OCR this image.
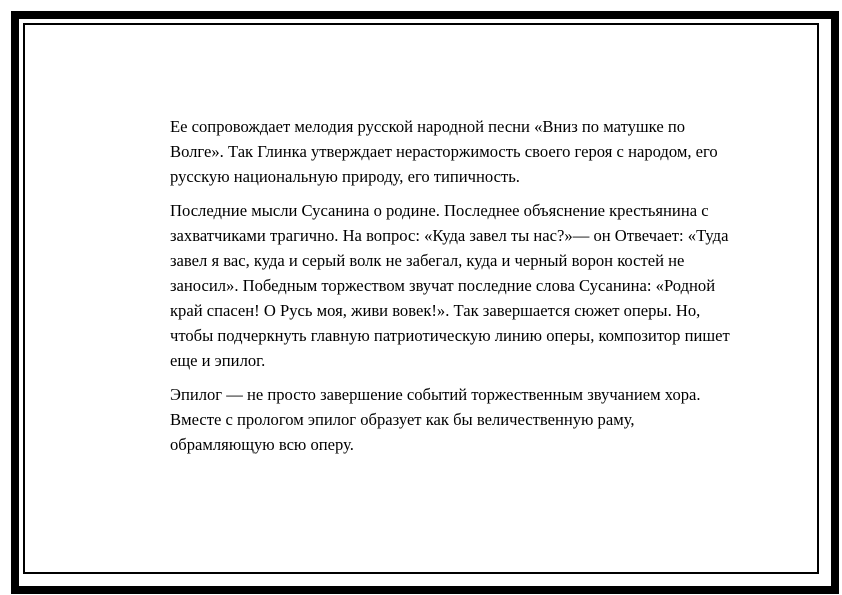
Ее сопровождает мелодия русской народной песни «Вниз по матушке по Волге». Так Глинка утверждает нерасторжимость своего героя с народом, его русскую национальную природу, его типичность.

Последние мысли Сусанина о родине. Последнее объяснение крестьянина с захватчиками трагично. На вопрос: «Куда завел ты нас?»— он Отвечает: «Туда завел я вас, куда и серый волк не забегал, куда и черный ворон костей не заносил». Победным торжеством звучат последние слова Сусанина: «Родной край спасен! О Русь моя, живи вовек!». Так завершается сюжет оперы. Но, чтобы подчеркнуть главную патриотическую линию оперы, композитор пишет еще и эпилог.

Эпилог — не просто завершение событий торжественным звучанием хора. Вместе с прологом эпилог образует как бы величественную раму, обрамляющую всю оперу.
